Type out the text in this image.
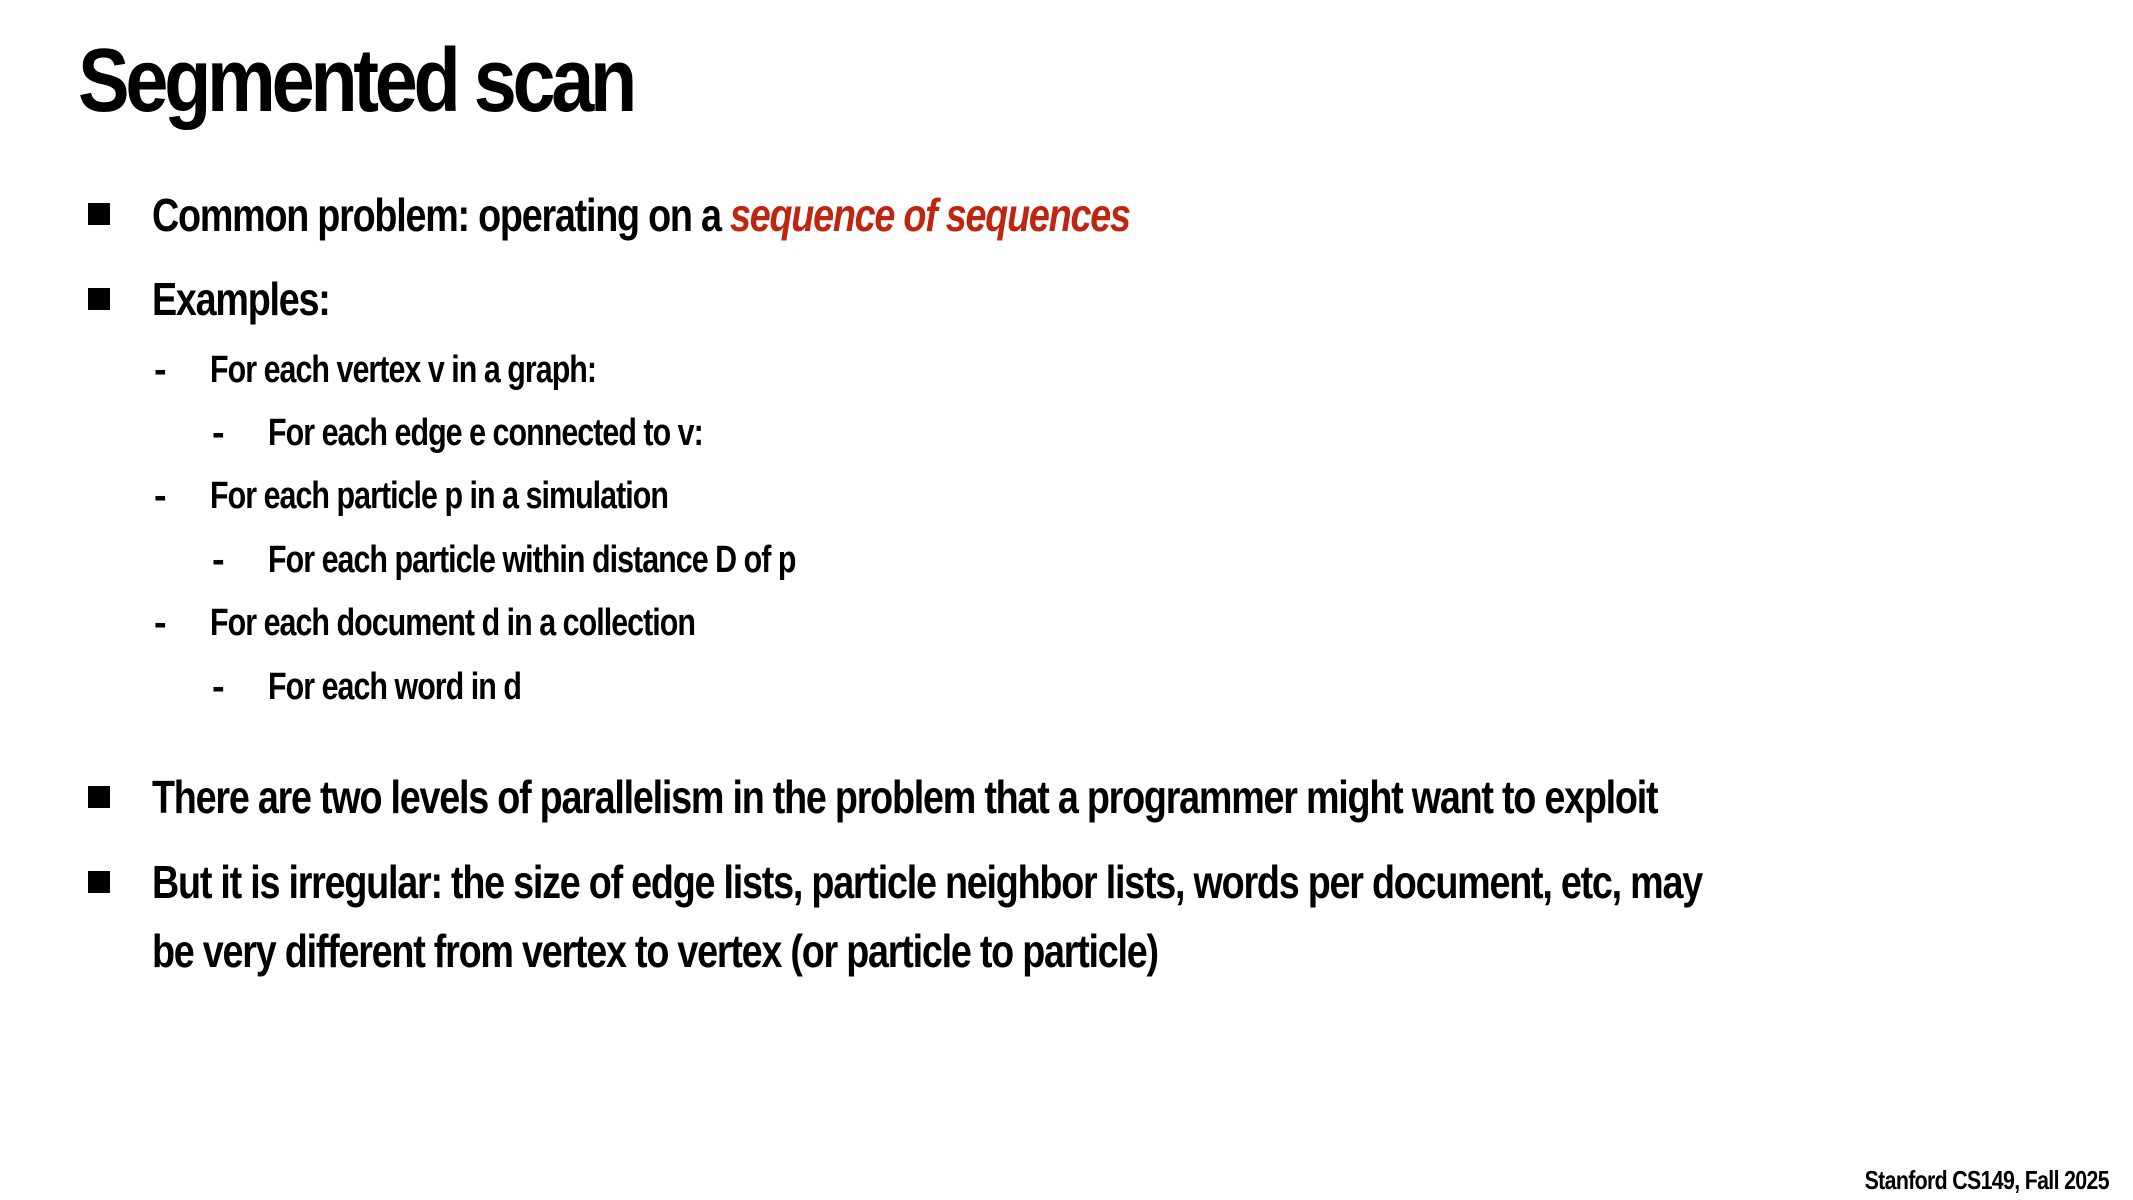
Segmented scan
Common problem: operating on a sequence of sequences
Examples:
- For each vertex v in a graph:
- For each edge e connected to v:
- For each particle p in a simulation
- For each particle within distance D of p
- For each document d in a collection
- For each word in d
There are two levels of parallelism in the problem that a programmer might want to exploit
But it is irregular: the size of edge lists, particle neighbor lists, words per document, etc, may
be very different from vertex to vertex (or particle to particle)
Stanford CS149, Fall 2025
